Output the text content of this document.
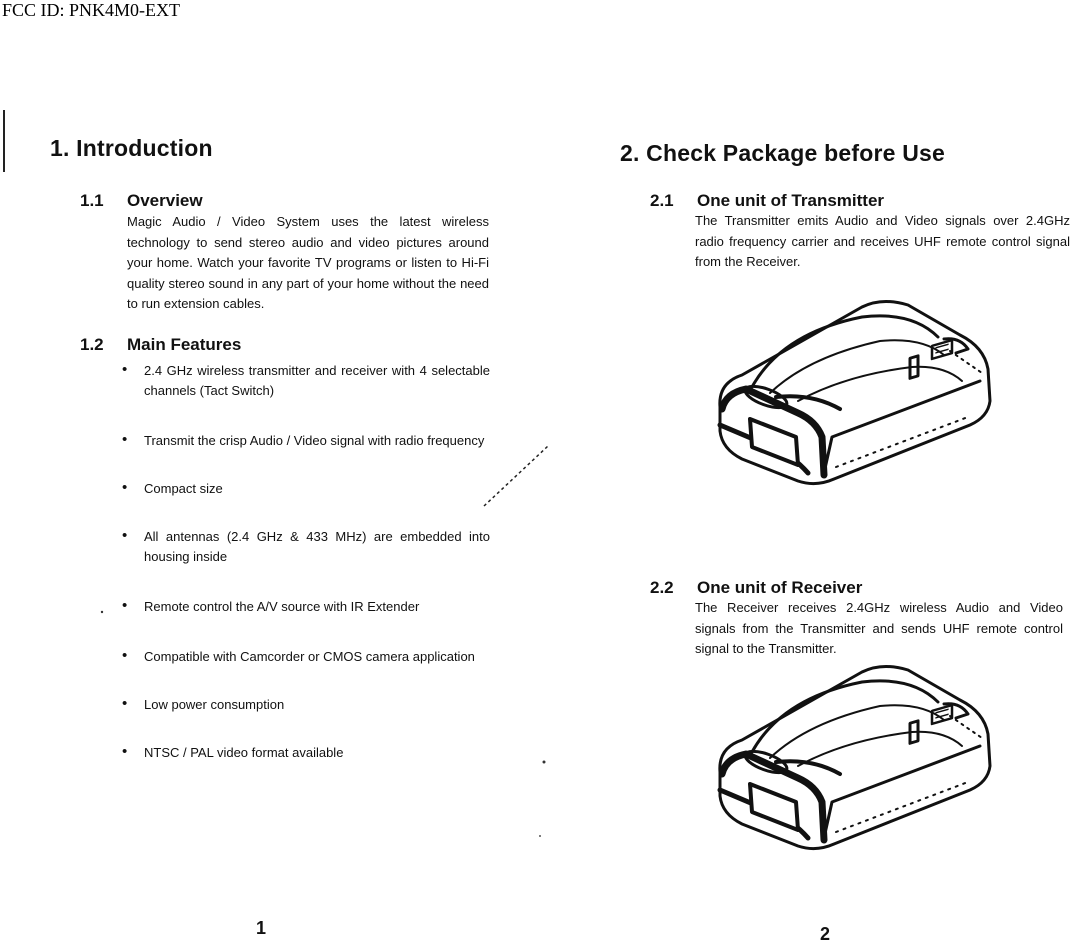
FCC ID: PNK4M0-EXT
1. Introduction
1.1	Overview
Magic Audio / Video System uses the latest wireless technology to send stereo audio and video pictures around your home. Watch your favorite TV programs or listen to Hi-Fi quality stereo sound in any part of your home without the need to run extension cables.
1.2	Main Features
• 2.4 GHz wireless transmitter and receiver with 4 selectable channels (Tact Switch)
• Transmit the crisp Audio / Video signal with radio frequency
• Compact size
• All antennas (2.4 GHz & 433 MHz) are embedded into housing inside
• Remote control the A/V source with IR Extender
• Compatible with Camcorder or CMOS camera application
• Low power consumption
• NTSC / PAL video format available
1
2. Check Package before Use
2.1	One unit of Transmitter
The Transmitter emits Audio and Video signals over 2.4GHz radio frequency carrier and receives UHF remote control signal from the Receiver.
2.2	One unit of Receiver
The Receiver receives 2.4GHz wireless Audio and Video signals from the Transmitter and sends UHF remote control signal to the Transmitter.
2
